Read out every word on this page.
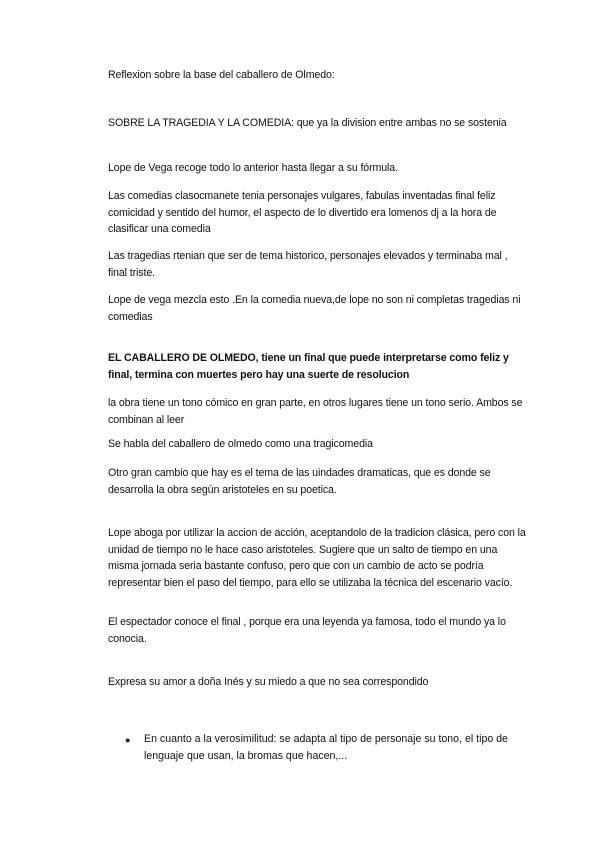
Reflexion sobre la base del caballero de Olmedo:

SOBRE LA TRAGEDIA Y LA COMEDIA: que ya la division entre ambas no se sostenia

Lope de Vega recoge todo lo anterior hasta llegar a su fórmula.

Las comedias clasocmanete tenia personajes vulgares, fabulas inventadas final feliz comicidad y sentido del humor, el aspecto de lo divertido era lomenos dj a la hora de clasificar una comedia

Las tragedias rtenian que ser de tema historico, personajes elevados y terminaba mal , final triste.

Lope de vega mezcla esto .En la comedia nueva,de lope no son ni completas tragedias ni comedias

EL CABALLERO DE OLMEDO, tiene un final que puede interpretarse como feliz y final, termina con muertes pero hay una suerte de resolucion

la obra tiene un tono cómico en gran parte, en otros lugares tiene un tono serio. Ambos se combinan al leer

Se habla del caballero de olmedo como una tragicomedia

Otro gran cambio que hay es el tema de las uindades dramaticas, que es donde se desarrolla la obra según aristoteles en su poetica.

Lope aboga por utilizar la accion de acción, aceptandolo de la tradicion clásica, pero con la unidad de tiempo no le hace caso aristoteles. Sugiere que un salto de tiempo en una misma jornada seria bastante confuso, pero que con un cambio de acto se podría representar bien el paso del tiempo, para ello se utilizaba la técnica del escenario vacío.

El espectador conoce el final , porque era una leyenda ya famosa, todo el mundo ya lo conocia.

Expresa su amor a doña Inés y su miedo a que no sea correspondido

● En cuanto a la verosimilitud: se adapta al tipo de personaje su tono, el tipo de lenguaje que usan, la bromas que hacen,...
